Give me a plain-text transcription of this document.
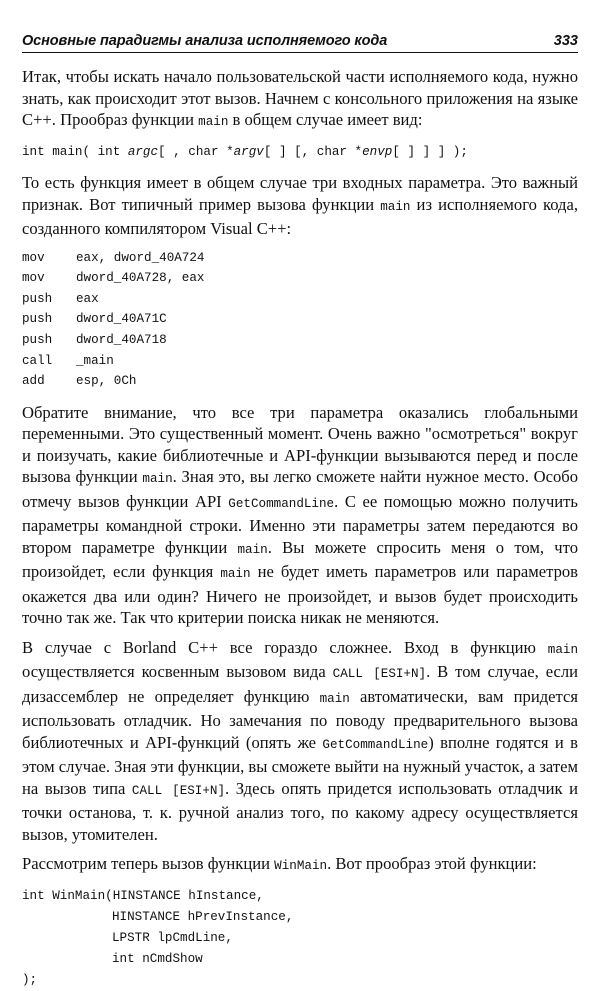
Основные парадигмы анализа исполняемого кода	333

Итак, чтобы искать начало пользовательской части исполняемого кода, нужно знать, как происходит этот вызов. Начнем с консольного приложения на языке C++. Прообраз функции main в общем случае имеет вид:

int main( int argc[ , char *argv[ ] [, char *envp[ ] ] ] );

То есть функция имеет в общем случае три входных параметра. Это важный признак. Вот типичный пример вызова функции main из исполняемого кода, созданного компилятором Visual C++:

mov eax, dword_40A724
mov dword_40A728, eax
push eax
push dword_40A71C
push dword_40A718
call _main
add esp, 0Ch

Обратите внимание, что все три параметра оказались глобальными переменными. Это существенный момент. Очень важно "осмотреться" вокруг и поизучать, какие библиотечные и API-функции вызываются перед и после вызова функции main. Зная это, вы легко сможете найти нужное место. Особо отмечу вызов функции API GetCommandLine. С ее помощью можно получить параметры командной строки. Именно эти параметры затем передаются во втором параметре функции main. Вы можете спросить меня о том, что произойдет, если функция main не будет иметь параметров или параметров окажется два или один? Ничего не произойдет, и вызов будет происходить точно так же. Так что критерии поиска никак не меняются.

В случае с Borland C++ все гораздо сложнее. Вход в функцию main осуществляется косвенным вызовом вида CALL [ESI+N]. В том случае, если дизассемблер не определяет функцию main автоматически, вам придется использовать отладчик. Но замечания по поводу предварительного вызова библиотечных и API-функций (опять же GetCommandLine) вполне годятся и в этом случае. Зная эти функции, вы сможете выйти на нужный участок, а затем на вызов типа CALL [ESI+N]. Здесь опять придется использовать отладчик и точки останова, т. к. ручной анализ того, по какому адресу осуществляется вызов, утомителен.

Рассмотрим теперь вызов функции WinMain. Вот прообраз этой функции:

int WinMain(HINSTANCE hInstance,
HINSTANCE hPrevInstance,
LPSTR lpCmdLine,
int nCmdShow
);
